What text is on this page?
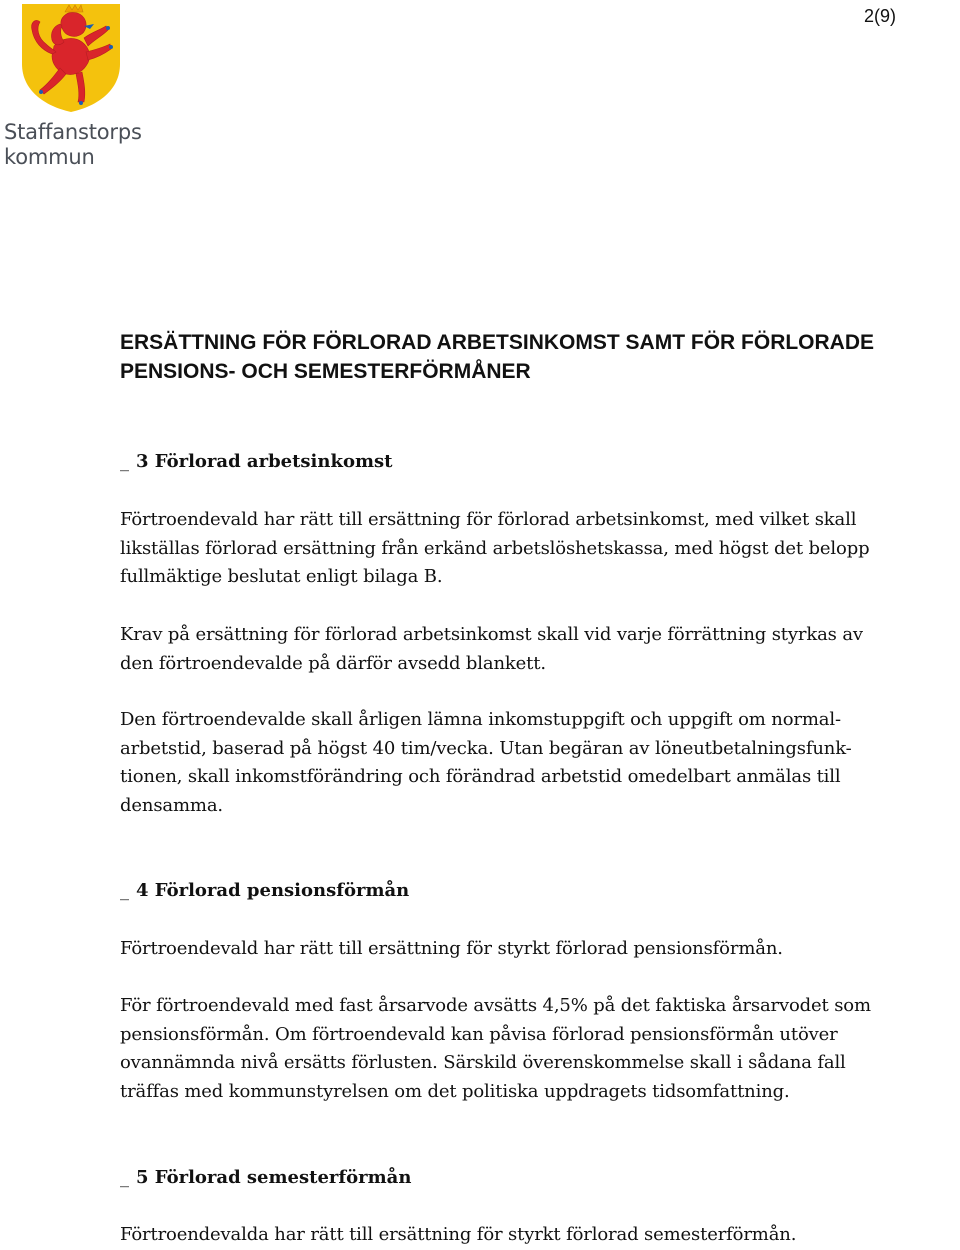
Staffanstorps
kommun
2(9)
ERSÄTTNING FÖR FÖRLORAD ARBETSINKOMST SAMT FÖR FÖRLORADE
PENSIONS- OCH SEMESTERFÖRMÅNER
_ 3 Förlorad arbetsinkomst

Förtroendevald har rätt till ersättning för förlorad arbetsinkomst, med vilket skall
likställas förlorad ersättning från erkänd arbetslöshetskassa, med högst det belopp
fullmäktige beslutat enligt bilaga B.

Krav på ersättning för förlorad arbetsinkomst skall vid varje förrättning styrkas av
den förtroendevalde på därför avsedd blankett.

Den förtroendevalde skall årligen lämna inkomstuppgift och uppgift om normal-
arbetstid, baserad på högst 40 tim/vecka. Utan begäran av löneutbetalningsfunk-
tionen, skall inkomstförändring och förändrad arbetstid omedelbart anmälas till
densamma.

_ 4 Förlorad pensionsförmån

Förtroendevald har rätt till ersättning för styrkt förlorad pensionsförmån.

För förtroendevald med fast årsarvode avsätts 4,5% på det faktiska årsarvodet som
pensionsförmån. Om förtroendevald kan påvisa förlorad pensionsförmån utöver
ovannämnda nivå ersätts förlusten. Särskild överenskommelse skall i sådana fall
träffas med kommunstyrelsen om det politiska uppdragets tidsomfattning.

_ 5 Förlorad semesterförmån

Förtroendevalda har rätt till ersättning för styrkt förlorad semesterförmån.
